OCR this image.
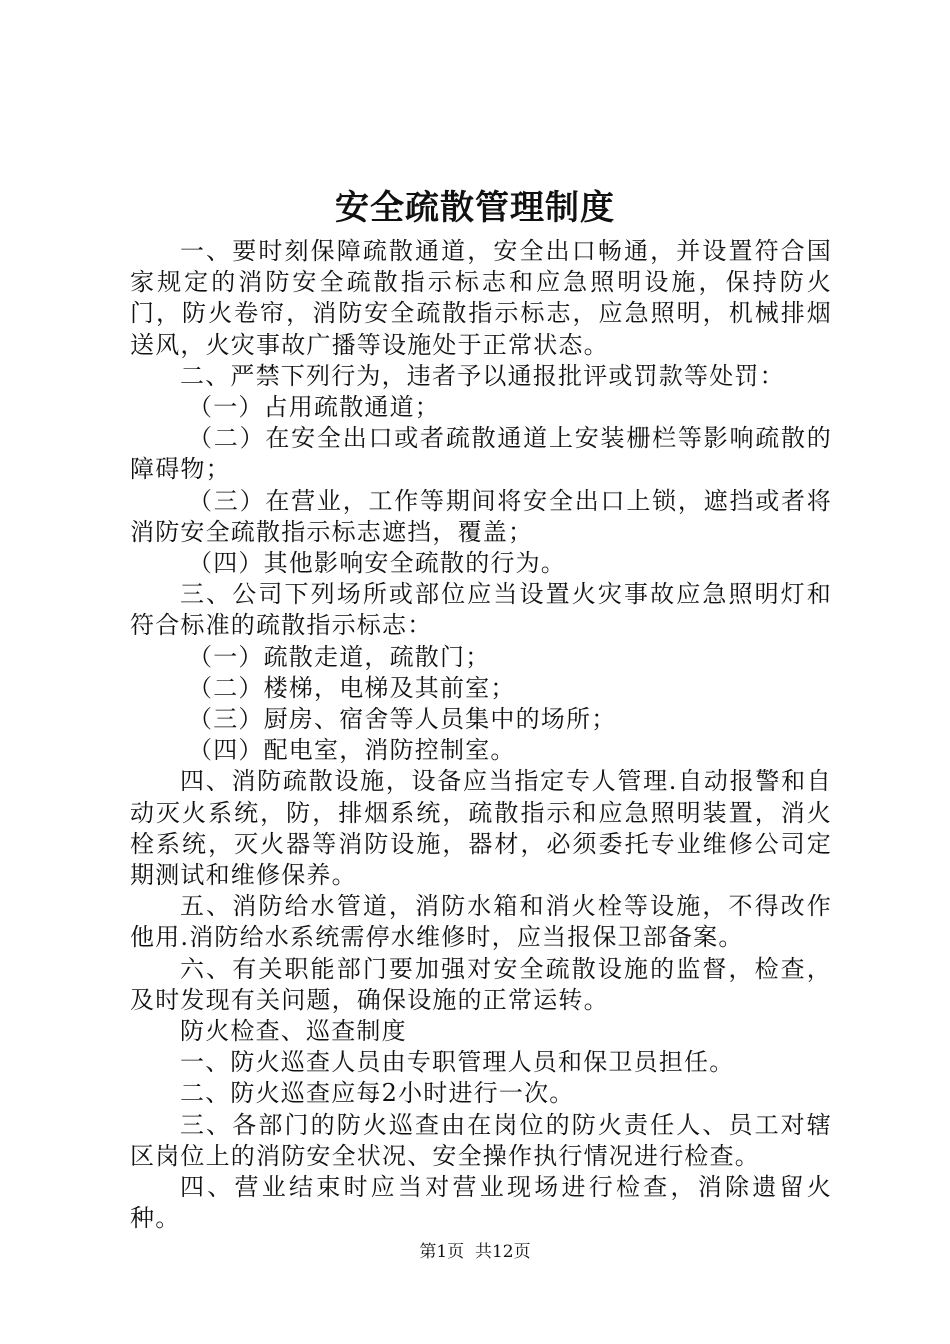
安全疏散管理制度

一、要时刻保障疏散通道，安全出口畅通，并设置符合国家规定的消防安全疏散指示标志和应急照明设施，保持防火门，防火卷帘，消防安全疏散指示标志，应急照明，机械排烟送风，火灾事故广播等设施处于正常状态。

二、严禁下列行为，违者予以通报批评或罚款等处罚：

（一）占用疏散通道；

（二）在安全出口或者疏散通道上安装栅栏等影响疏散的障碍物；

（三）在营业，工作等期间将安全出口上锁，遮挡或者将消防安全疏散指示标志遮挡，覆盖；

（四）其他影响安全疏散的行为。

三、公司下列场所或部位应当设置火灾事故应急照明灯和符合标准的疏散指示标志：

（一）疏散走道，疏散门；

（二）楼梯，电梯及其前室；

（三）厨房、宿舍等人员集中的场所；

（四）配电室，消防控制室。

四、消防疏散设施，设备应当指定专人管理.自动报警和自动灭火系统，防，排烟系统，疏散指示和应急照明装置，消火栓系统，灭火器等消防设施，器材，必须委托专业维修公司定期测试和维修保养。

五、消防给水管道，消防水箱和消火栓等设施，不得改作他用.消防给水系统需停水维修时，应当报保卫部备案。

六、有关职能部门要加强对安全疏散设施的监督，检查，及时发现有关问题，确保设施的正常运转。

防火检查、巡查制度

一、防火巡查人员由专职管理人员和保卫员担任。

二、防火巡查应每2小时进行一次。

三、各部门的防火巡查由在岗位的防火责任人、员工对辖区岗位上的消防安全状况、安全操作执行情况进行检查。

四、营业结束时应当对营业现场进行检查，消除遗留火种。

第1页  共12页
